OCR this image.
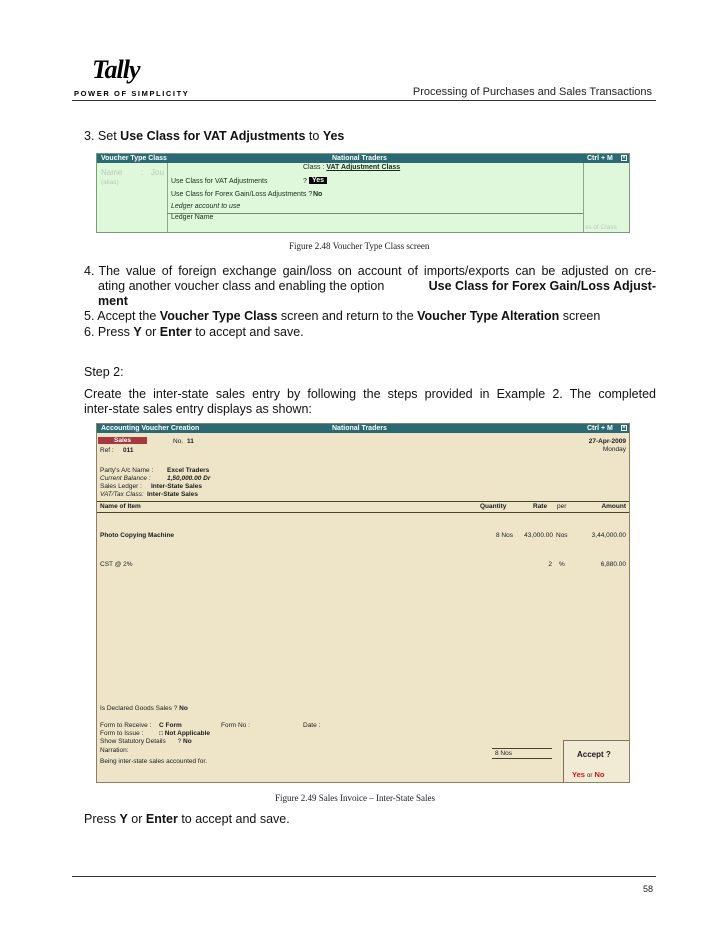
Tally
POWER OF SIMPLICITY	Processing of Purchases and Sales Transactions
3. Set Use Class for VAT Adjustments to Yes
Voucher Type Class	National Traders	Ctrl + M	×
Name : Jou
(alias)
ss of Class
Class : VAT Adjustment Class
Use Class for VAT Adjustments	? Yes
Use Class for Forex Gain/Loss Adjustments ? No
Ledger account to use
Ledger Name
Figure 2.48 Voucher Type Class screen
4. The value of foreign exchange gain/loss on account of imports/exports can be adjusted on cre-
ating another voucher class and enabling the option	Use Class for Forex Gain/Loss Adjust-
ment
5. Accept the Voucher Type Class screen and return to the Voucher Type Alteration screen
6. Press Y or Enter to accept and save.
Step 2:
Create the inter-state sales entry by following the steps provided in Example 2. The completed
inter-state sales entry displays as shown:
Accounting Voucher Creation	National Traders	Ctrl + M	×
Sales	No. 11	27-Apr-2009
Monday
Ref : 011
Party's A/c Name : Excel Traders
Current Balance :	1,50,000.00 Dr
Sales Ledger : Inter-State Sales
VAT/Tax Class: Inter-State Sales
Name of Item	Quantity	Rate per	Amount
Photo Copying Machine	8 Nos	43,000.00 Nos	3,44,000.00
CST @ 2%	2 %	6,880.00
Is Declared Goods Sales ? No
Form to Receive : C Form	Form No :	Date :
Form to Issue : □ Not Applicable
Show Statutory Details ? No
Narration:
Being inter-state sales accounted for.
8 Nos	Accept ?
Yes or No
Figure 2.49 Sales Invoice – Inter-State Sales
Press Y or Enter to accept and save.
58
